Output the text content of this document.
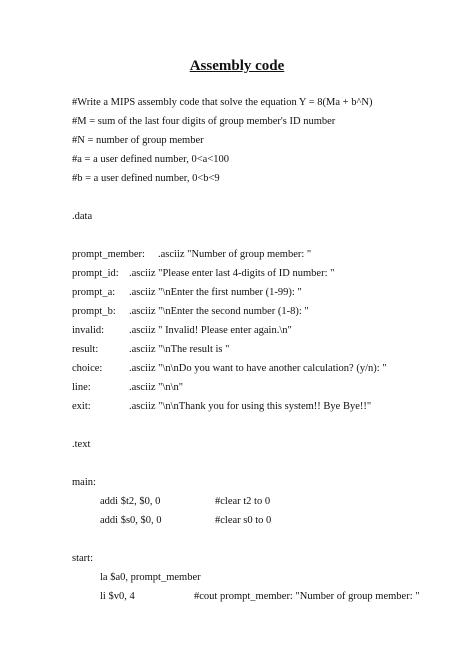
Assembly code
#Write a MIPS assembly code that solve the equation Y = 8(Ma + b^N)
#M = sum of the last four digits of group member's ID number
#N = number of group member
#a = a user defined number, 0<a<100
#b = a user defined number, 0<b<9
.data
prompt_member: .asciiz "Number of group member: "
prompt_id: .asciiz "Please enter last 4-digits of ID number: "
prompt_a: .asciiz "\nEnter the first number (1-99): "
prompt_b: .asciiz "\nEnter the second number (1-8): "
invalid: .asciiz " Invalid! Please enter again.\n"
result:	.asciiz "\nThe result is "
choice:	.asciiz "\n\nDo you want to have another calculation? (y/n): "
line:	.asciiz "\n\n"
exit:	.asciiz "\n\nThank you for using this system!! Bye Bye!!"
.text
main:
addi $t2, $0, 0	#clear t2 to 0
addi $s0, $0, 0	#clear s0 to 0
start:
la $a0, prompt_member
li $v0, 4	#cout prompt_member: "Number of group member: "
